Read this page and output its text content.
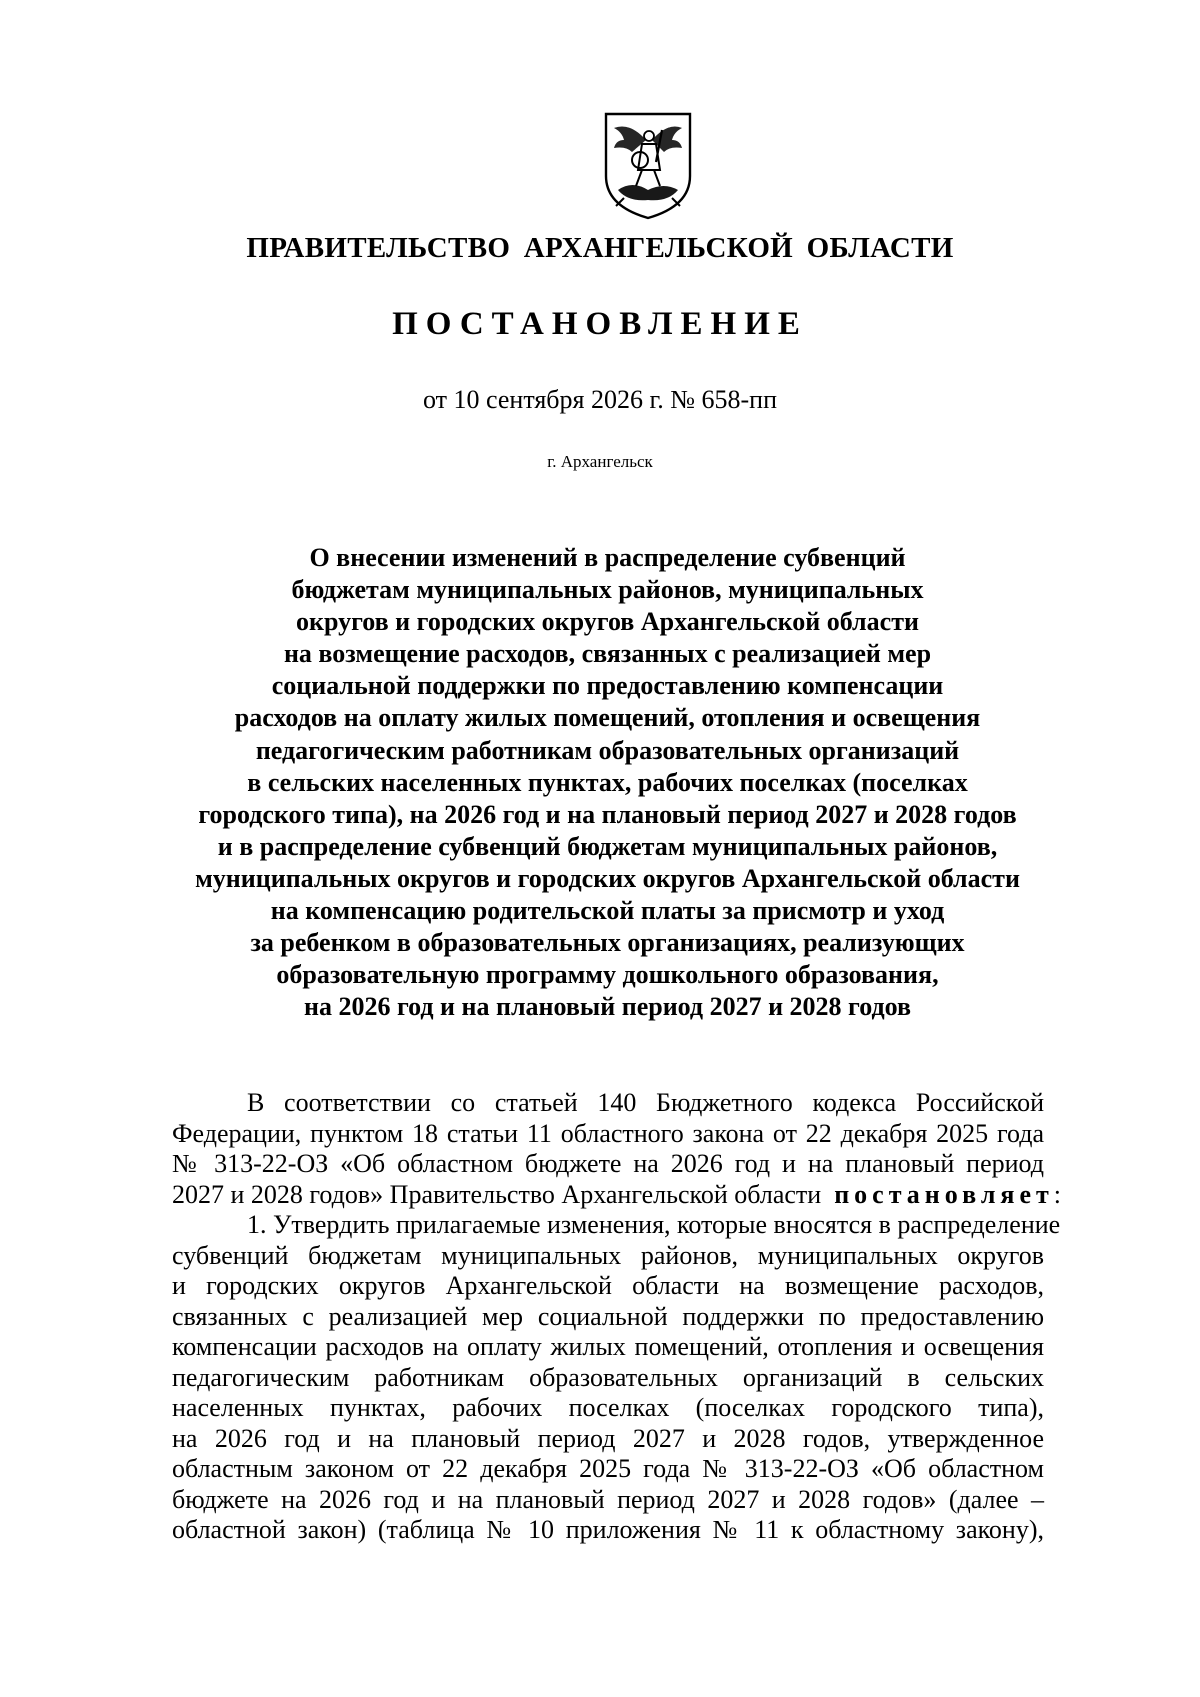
ПРАВИТЕЛЬСТВО АРХАНГЕЛЬСКОЙ ОБЛАСТИ
ПОСТАНОВЛЕНИЕ
от 10 сентября 2026 г. № 658-пп
г. Архангельск
О внесении изменений в распределение субвенций
бюджетам муниципальных районов, муниципальных
округов и городских округов Архангельской области
на возмещение расходов, связанных с реализацией мер
социальной поддержки по предоставлению компенсации
расходов на оплату жилых помещений, отопления и освещения
педагогическим работникам образовательных организаций
в сельских населенных пунктах, рабочих поселках (поселках
городского типа), на 2026 год и на плановый период 2027 и 2028 годов
и в распределение субвенций бюджетам муниципальных районов,
муниципальных округов и городских округов Архангельской области
на компенсацию родительской платы за присмотр и уход
за ребенком в образовательных организациях, реализующих
образовательную программу дошкольного образования,
на 2026 год и на плановый период 2027 и 2028 годов
В соответствии со статьей 140 Бюджетного кодекса Российской
Федерации, пунктом 18 статьи 11 областного закона от 22 декабря 2025 года
№ 313-22-ОЗ «Об областном бюджете на 2026 год и на плановый период
2027 и 2028 годов» Правительство Архангельской области постановляет:
1. Утвердить прилагаемые изменения, которые вносятся в распределение
субвенций бюджетам муниципальных районов, муниципальных округов
и городских округов Архангельской области на возмещение расходов,
связанных с реализацией мер социальной поддержки по предоставлению
компенсации расходов на оплату жилых помещений, отопления и освещения
педагогическим работникам образовательных организаций в сельских
населенных пунктах, рабочих поселках (поселках городского типа),
на 2026 год и на плановый период 2027 и 2028 годов, утвержденное
областным законом от 22 декабря 2025 года № 313-22-ОЗ «Об областном
бюджете на 2026 год и на плановый период 2027 и 2028 годов» (далее –
областной закон) (таблица № 10 приложения № 11 к областному закону),
